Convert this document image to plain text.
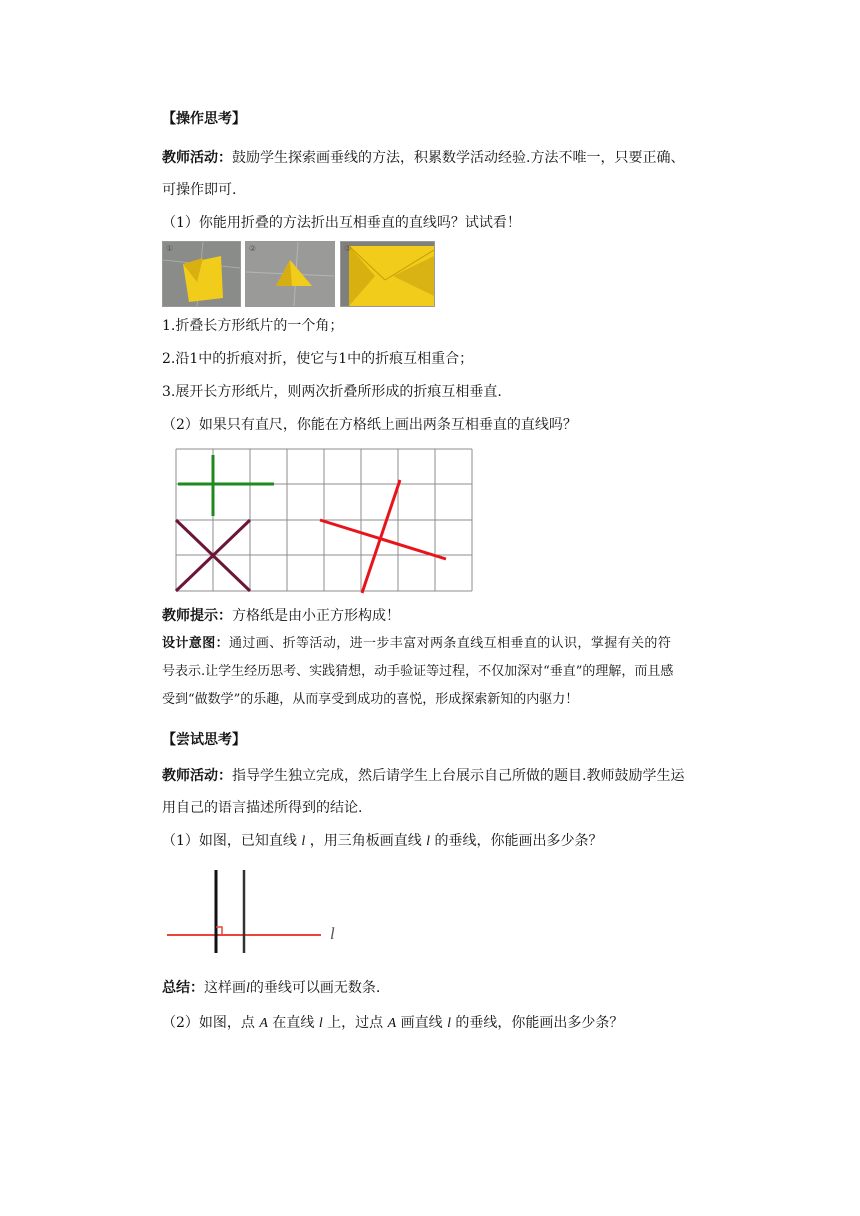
【操作思考】
教师活动：鼓励学生探索画垂线的方法，积累数学活动经验.方法不唯一，只要正确、
可操作即可.
（1）你能用折叠的方法折出互相垂直的直线吗？试试看！
①	②	③
1.折叠长方形纸片的一个角；
2.沿1中的折痕对折，使它与1中的折痕互相重合；
3.展开长方形纸片，则两次折叠所形成的折痕互相垂直.
（2）如果只有直尺，你能在方格纸上画出两条互相垂直的直线吗？
教师提示：方格纸是由小正方形构成！
设计意图：通过画、折等活动，进一步丰富对两条直线互相垂直的认识，掌握有关的符
号表示.让学生经历思考、实践猜想，动手验证等过程，不仅加深对“垂直”的理解，而且感
受到“做数学”的乐趣，从而享受到成功的喜悦，形成探索新知的内驱力！
【尝试思考】
教师活动：指导学生独立完成，然后请学生上台展示自己所做的题目.教师鼓励学生运
用自己的语言描述所得到的结论.
（1）如图，已知直线 l ，用三角板画直线 l 的垂线，你能画出多少条？
l
总结：这样画l的垂线可以画无数条.
（2）如图，点 A 在直线 l 上，过点 A 画直线 l 的垂线，你能画出多少条？
